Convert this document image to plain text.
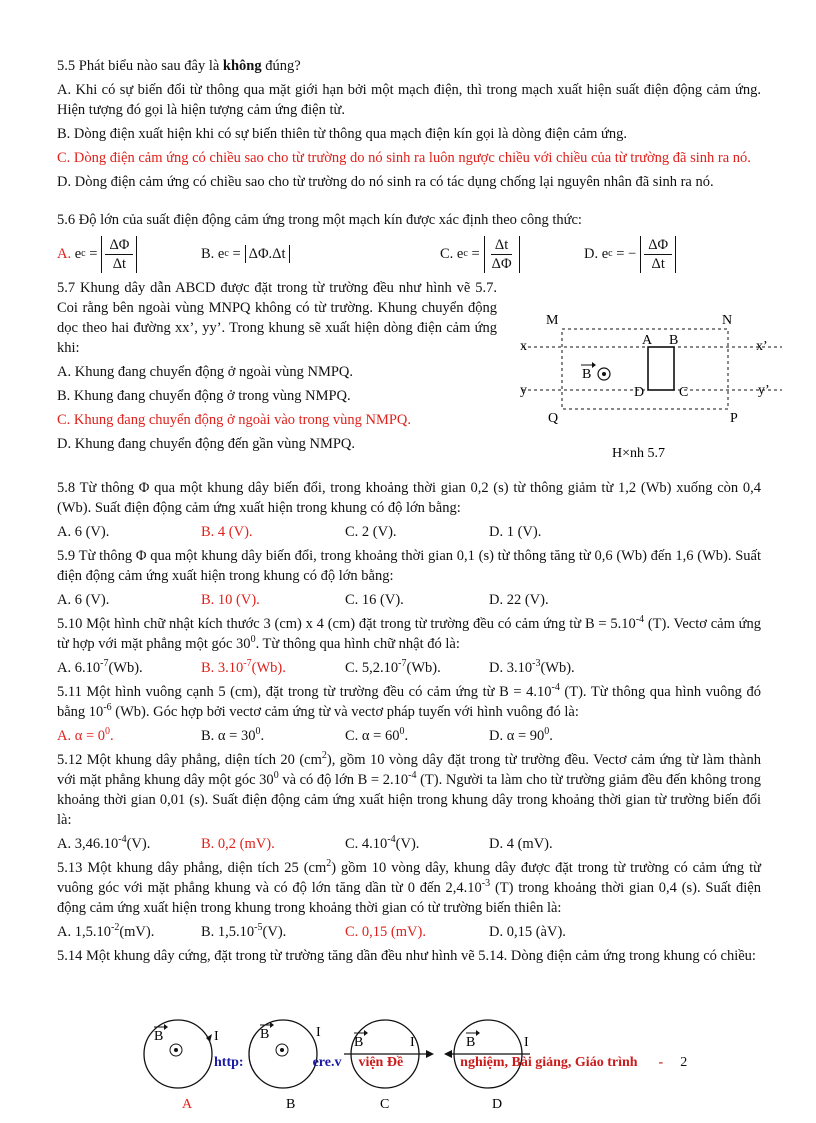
5.5 Phát biểu nào sau đây là không đúng?

A. Khi có sự biến đổi từ thông qua mặt giới hạn bởi một mạch điện, thì trong mạch xuất hiện suất điện động cảm ứng. Hiện tượng đó gọi là hiện tượng cảm ứng điện từ.

B. Dòng điện xuất hiện khi có sự biến thiên từ thông qua mạch điện kín gọi là dòng điện cảm ứng.

C. Dòng điện cảm ứng có chiều sao cho từ trường do nó sinh ra luôn ngược chiều với chiều của từ trường đã sinh ra nó.

D. Dòng điện cảm ứng có chiều sao cho từ trường do nó sinh ra có tác dụng chống lại nguyên nhân đã sinh ra nó.

5.6 Độ lớn của suất điện động cảm ứng trong một mạch kín được xác định theo công thức:

A.
e $c = \frac{\Delta\Phi}{\Delta t}$	B.
e c = ΔΦ.Δt	C.
e $c = \frac{\Delta t}{\Delta\Phi}$	D.
e c = − $\frac{\Delta\Phi}{\Delta t}$

5.7 Khung dây dẫn ABCD được đặt trong từ trường đều như hình vẽ 5.7. Coi rằng bên ngoài vùng MNPQ không có từ trường. Khung chuyển động dọc theo hai đường xx’, yy’. Trong khung sẽ xuất hiện dòng điện cảm ứng khi:

A. Khung đang chuyển động ở ngoài vùng NMPQ.

B. Khung đang chuyển động ở trong vùng NMPQ.

C. Khung đang chuyển động ở ngoài vào trong vùng NMPQ.

D. Khung đang chuyển động đến gần vùng NMPQ.

M	N
Q	P
x	x’
y	y’
A B
D C
B
H×nh 5.7

5.8 Từ thông Φ qua một khung dây biến đổi, trong khoảng thời gian 0,2 (s) từ thông giảm từ 1,2 (Wb) xuống còn 0,4 (Wb). Suất điện động cảm ứng xuất hiện trong khung có độ lớn bằng:

A. 6 (V).	B. 4 (V).	C. 2 (V).	D. 1 (V).

5.9 Từ thông Φ qua một khung dây biến đổi, trong khoảng thời gian 0,1 (s) từ thông tăng từ 0,6 (Wb) đến 1,6 (Wb). Suất điện động cảm ứng xuất hiện trong khung có độ lớn bằng:

A. 6 (V).	B. 10 (V).	C. 16 (V).	D. 22 (V).

5.10 Một hình chữ nhật kích thước 3 (cm) x 4 (cm) đặt trong từ trường đều có cảm ứng từ $B = 5.10^{-4}$ (T). Vectơ cảm ứng từ hợp với mặt phẳng một góc $30^0$. Từ thông qua hình chữ nhật đó là:

A. $6.10^{-7}(Wb)$.	B. $3.10^{-7}(Wb)$.	C. $5,2.10^{-7}(Wb)$.	D. $3.10^{-3}(Wb)$.

5.11 Một hình vuông cạnh 5 (cm), đặt trong từ trường đều có cảm ứng từ $B = 4.10^{-4}$ (T). Từ thông qua hình vuông đó bằng $10^{-6}$ (Wb). Góc hợp bởi vectơ cảm ứng từ và vectơ pháp tuyến với hình vuông đó là:

A. $\alpha = 0^0$.	B. $\alpha = 30^0$.	C. $\alpha = 60^0$.	D. $\alpha = 90^0$.

5.12 Một khung dây phẳng, diện tích 20 $(cm^2)$, gồm 10 vòng dây đặt trong từ trường đều. Vectơ cảm ứng từ làm thành với mặt phẳng khung dây một góc $30^0$ và có độ lớn $B = 2.10^{-4}$ (T). Người ta làm cho từ trường giảm đều đến không trong khoảng thời gian 0,01 (s). Suất điện động cảm ứng xuất hiện trong khung dây trong khoảng thời gian từ trường biến đổi là:

A. $3,46.10^{-4}(V)$.	B. 0,2 (mV).	C. $4.10^{-4}(V)$.	D. 4 (mV).

5.13 Một khung dây phẳng, diện tích 25 $(cm^2)$ gồm 10 vòng dây, khung dây được đặt trong từ trường có cảm ứng từ vuông góc với mặt phẳng khung và có độ lớn tăng dần từ 0 đến $2,4.10^{-3}$ (T) trong khoảng thời gian 0,4 (s). Suất điện động cảm ứng xuất hiện trong khung trong khoảng thời gian có từ trường biến thiên là:

A. $1,5.10^{-2}(mV)$.	B. $1,5.10^{-5}(V)$.	C. 0,15 (mV).	D. 0,15 (àV).

5.14 Một khung dây cứng, đặt trong từ trường tăng dần đều như hình vẽ 5.14. Dòng điện cảm ứng trong khung có chiều:

B	I
A
B	I
B
B	I
C
B	I
D
http:	ere.v viện Đề	nghiệm, Bài giảng, Giáo trình - 2
